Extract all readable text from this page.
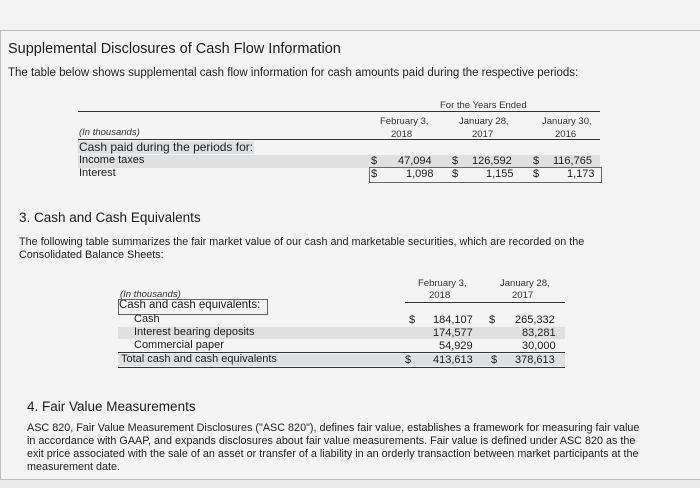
Supplemental Disclosures of Cash Flow Information
The table below shows supplemental cash flow information for cash amounts paid during the respective periods:
For the Years Ended
February 3,
2018
January 28,
2017
January 30,
2016
(In thousands)
Cash paid during the periods for:
Income taxes	$ 47,094 $ 126,592 $ 116,765
Interest	$	1,098 $	1,155 $	1,173
3. Cash and Cash Equivalents
The following table summarizes the fair market value of our cash and marketable securities, which are recorded on the
Consolidated Balance Sheets:
February 3,
2018
January 28,
2017
(In thousands)
Cash and cash equivalents:
Cash	$ 184,107 $ 265,332
Interest bearing deposits	174,577	83,281
Commercial paper	54,929	30,000
Total cash and cash equivalents	$ 413,613 $ 378,613
4. Fair Value Measurements
ASC 820, Fair Value Measurement Disclosures ("ASC 820"), defines fair value, establishes a framework for measuring fair value
in accordance with GAAP, and expands disclosures about fair value measurements. Fair value is defined under ASC 820 as the
exit price associated with the sale of an asset or transfer of a liability in an orderly transaction between market participants at the
measurement date.
